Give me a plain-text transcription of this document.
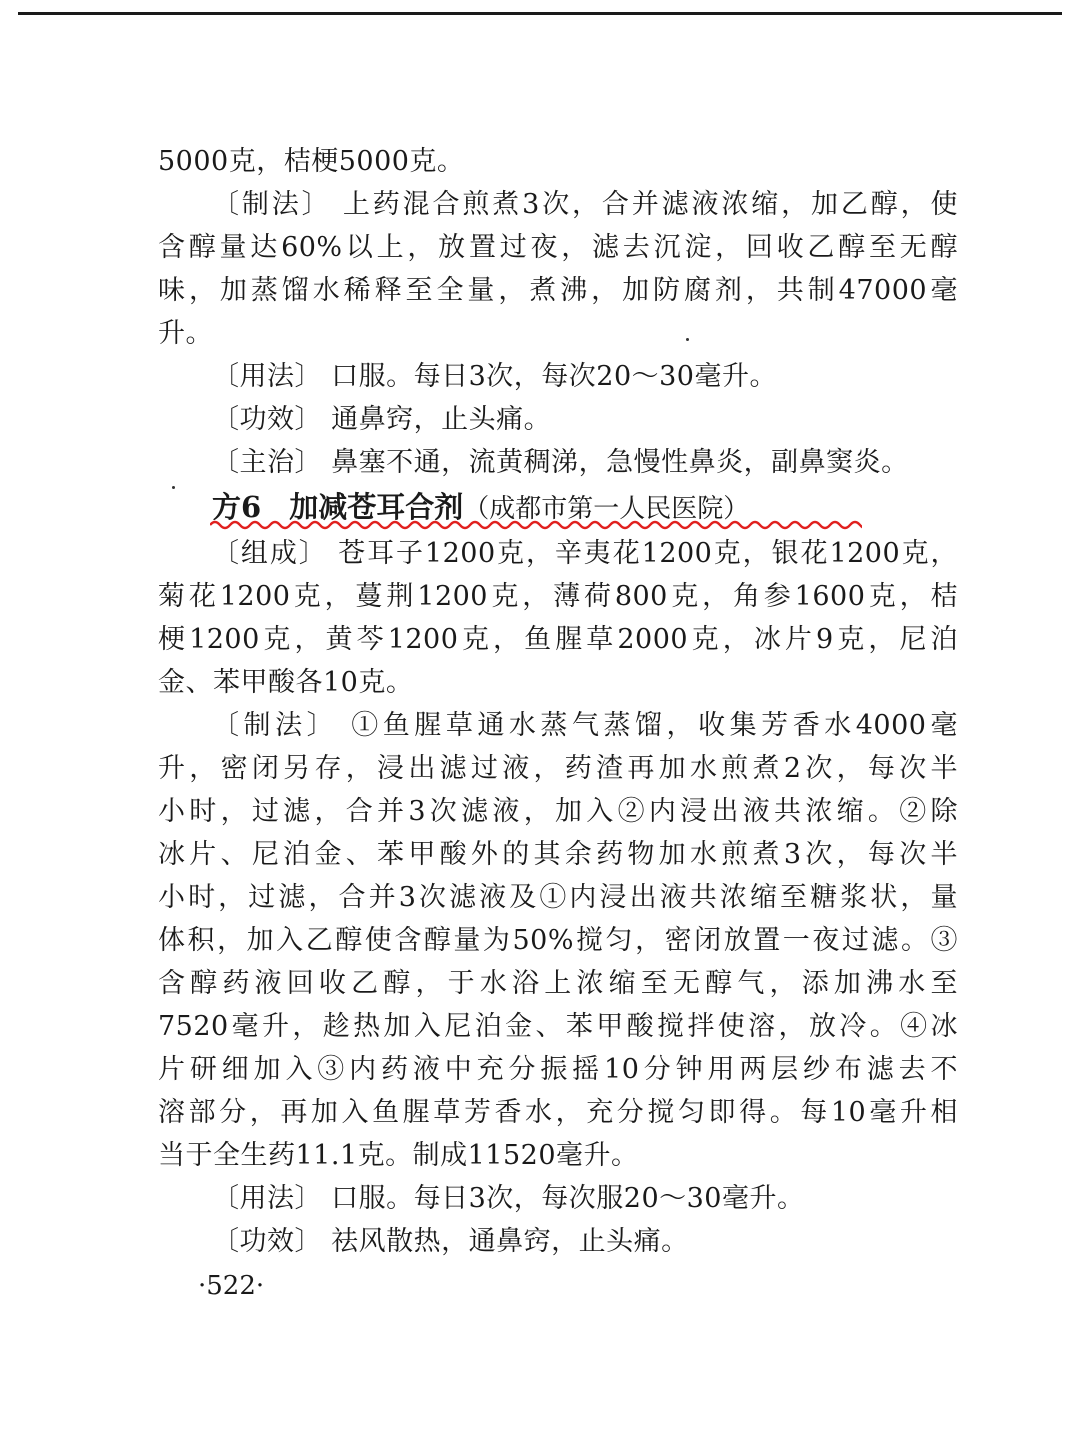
5000克，桔梗5000克。
〔制法〕 上药混合煎煮3次，合并滤液浓缩，加乙醇，使
含醇量达60%以上，放置过夜，滤去沉淀，回收乙醇至无醇
味，加蒸馏水稀释至全量，煮沸，加防腐剂，共制47000毫
升。
〔用法〕 口服。每日3次，每次20～30毫升。
〔功效〕 通鼻窍，止头痛。
〔主治〕 鼻塞不通，流黄稠涕，急慢性鼻炎，副鼻窦炎。
方6 加减苍耳合剂（成都市第一人民医院）
〔组成〕 苍耳子1200克，辛夷花1200克，银花1200克，
菊花1200克，蔓荆1200克，薄荷800克，角参1600克，桔
梗1200克，黄芩1200克，鱼腥草2000克，冰片9克，尼泊
金、苯甲酸各10克。
〔制法〕 ①鱼腥草通水蒸气蒸馏，收集芳香水4000毫
升，密闭另存，浸出滤过液，药渣再加水煎煮2次，每次半
小时，过滤，合并3次滤液，加入②内浸出液共浓缩。②除
冰片、尼泊金、苯甲酸外的其余药物加水煎煮3次，每次半
小时，过滤，合并3次滤液及①内浸出液共浓缩至糖浆状，量
体积，加入乙醇使含醇量为50%搅匀，密闭放置一夜过滤。③
含醇药液回收乙醇，于水浴上浓缩至无醇气，添加沸水至
7520毫升，趁热加入尼泊金、苯甲酸搅拌使溶，放冷。④冰
片研细加入③内药液中充分振摇10分钟用两层纱布滤去不
溶部分，再加入鱼腥草芳香水，充分搅匀即得。每10毫升相
当于全生药11.1克。制成11520毫升。
〔用法〕 口服。每日3次，每次服20～30毫升。
〔功效〕 祛风散热，通鼻窍，止头痛。
·522·
